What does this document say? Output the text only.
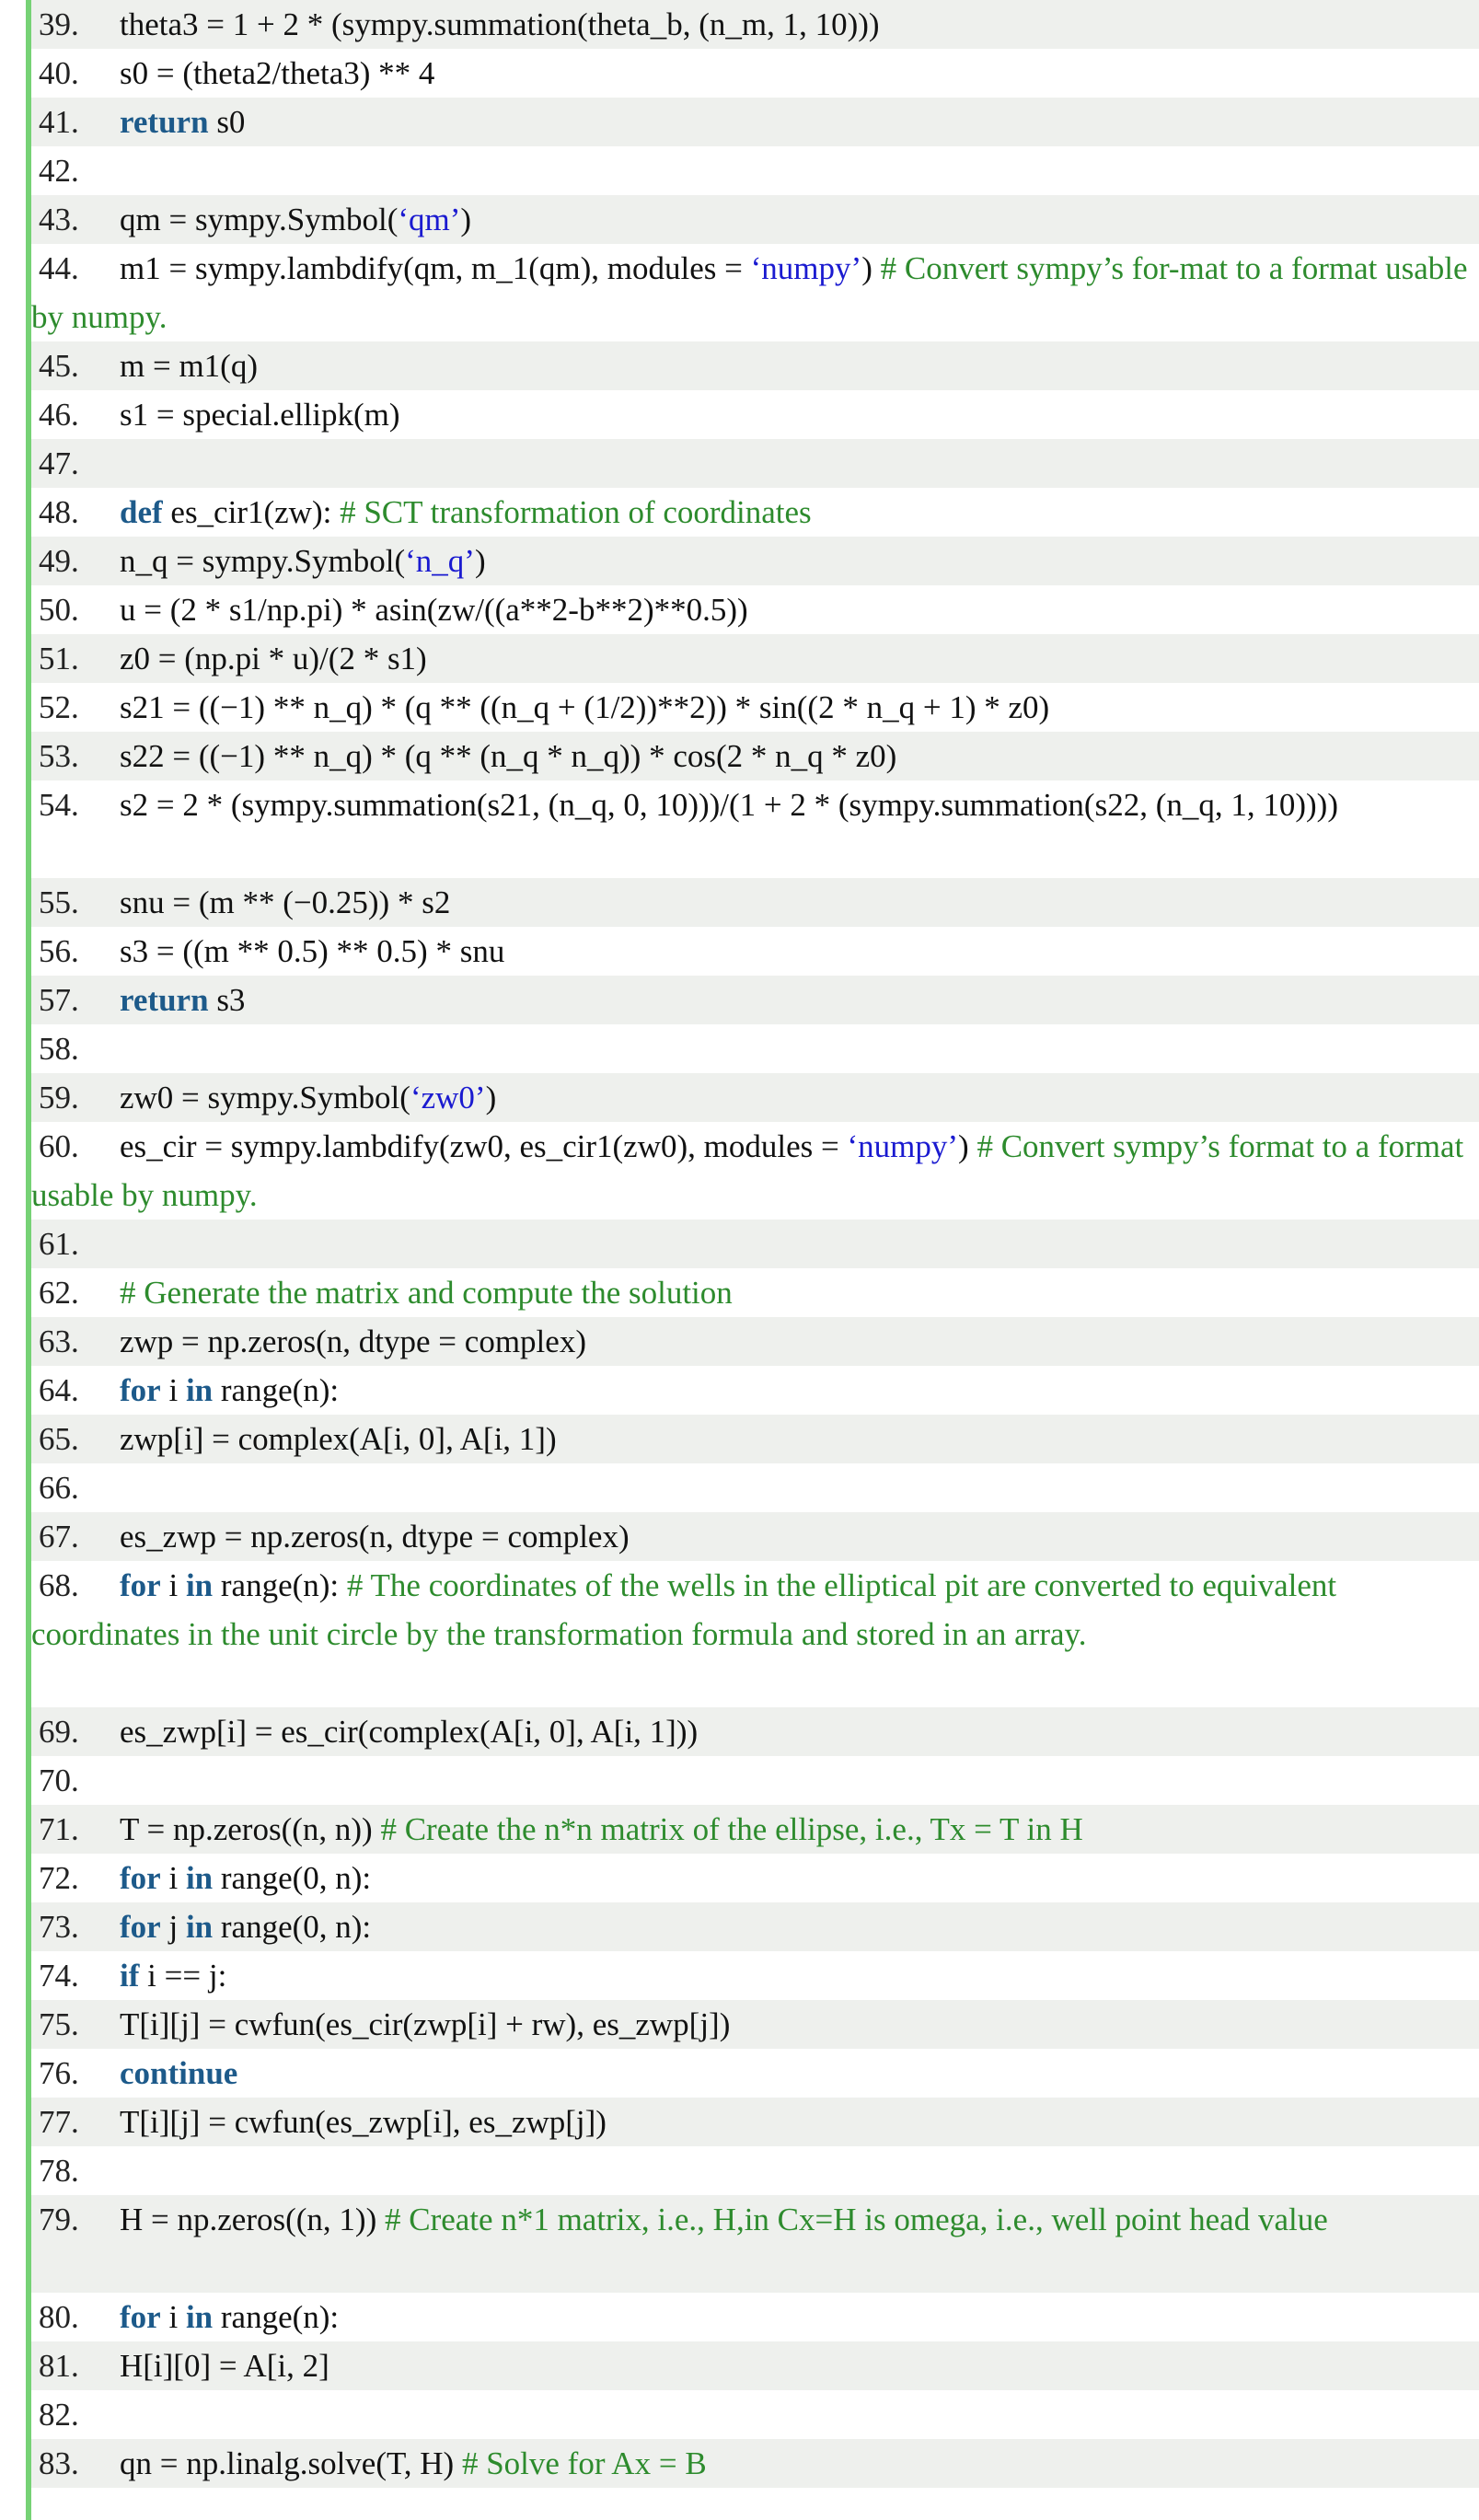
39.	theta3 = 1 + 2 * (sympy.summation(theta_b, (n_m, 1, 10)))
40.	s0 = (theta2/theta3) ** 4
41.	return s0
42.
43.	qm = sympy.Symbol(‘qm’)
44. m1 = sympy.lambdify(qm, m_1(qm), modules = ‘numpy’) # Convert sympy’s for-mat to a format usable by numpy.
45.	m = m1(q)
46.	s1 = special.ellipk(m)
47.
48.	def es_cir1(zw): # SCT transformation of coordinates
49.	n_q = sympy.Symbol(‘n_q’)
50.	u = (2 * s1/np.pi) * asin(zw/((a**2-b**2)**0.5))
51.	z0 = (np.pi * u)/(2 * s1)
52.	s21 = ((−1) ** n_q) * (q ** ((n_q + (1/2))**2)) * sin((2 * n_q + 1) * z0)
53.	s22 = ((−1) ** n_q) * (q ** (n_q * n_q)) * cos(2 * n_q * z0)
54. s2 = 2 * (sympy.summation(s21, (n_q, 0, 10)))/(1 + 2 * (sympy.summation(s22, (n_q, 1, 10))))
55.	snu = (m ** (−0.25)) * s2
56.	s3 = ((m ** 0.5) ** 0.5) * snu
57.	return s3
58.
59.	zw0 = sympy.Symbol(‘zw0’)
60. es_cir = sympy.lambdify(zw0, es_cir1(zw0), modules = ‘numpy’) # Convert sympy’s format to a format usable by numpy.
61.
62.	# Generate the matrix and compute the solution
63.	zwp = np.zeros(n, dtype = complex)
64.	for i in range(n):
65.	zwp[i] = complex(A[i, 0], A[i, 1])
66.
67.	es_zwp = np.zeros(n, dtype = complex)
68. for i in range(n): # The coordinates of the wells in the elliptical pit are converted to equivalent coordinates in the unit circle by the transformation formula and stored in an array.
69.	es_zwp[i] = es_cir(complex(A[i, 0], A[i, 1]))
70.
71.	T = np.zeros((n, n)) # Create the n*n matrix of the ellipse, i.e., Tx = T in H
72.	for i in range(0, n):
73.	for j in range(0, n):
74.	if i == j:
75.	T[i][j] = cwfun(es_cir(zwp[i] + rw), es_zwp[j])
76.	continue
77.	T[i][j] = cwfun(es_zwp[i], es_zwp[j])
78.
79. H = np.zeros((n, 1)) # Create n*1 matrix, i.e., H,in Cx=H is omega, i.e., well point head value
80.	for i in range(n):
81.	H[i][0] = A[i, 2]
82.
83.	qn = np.linalg.solve(T, H) # Solve for Ax = B
